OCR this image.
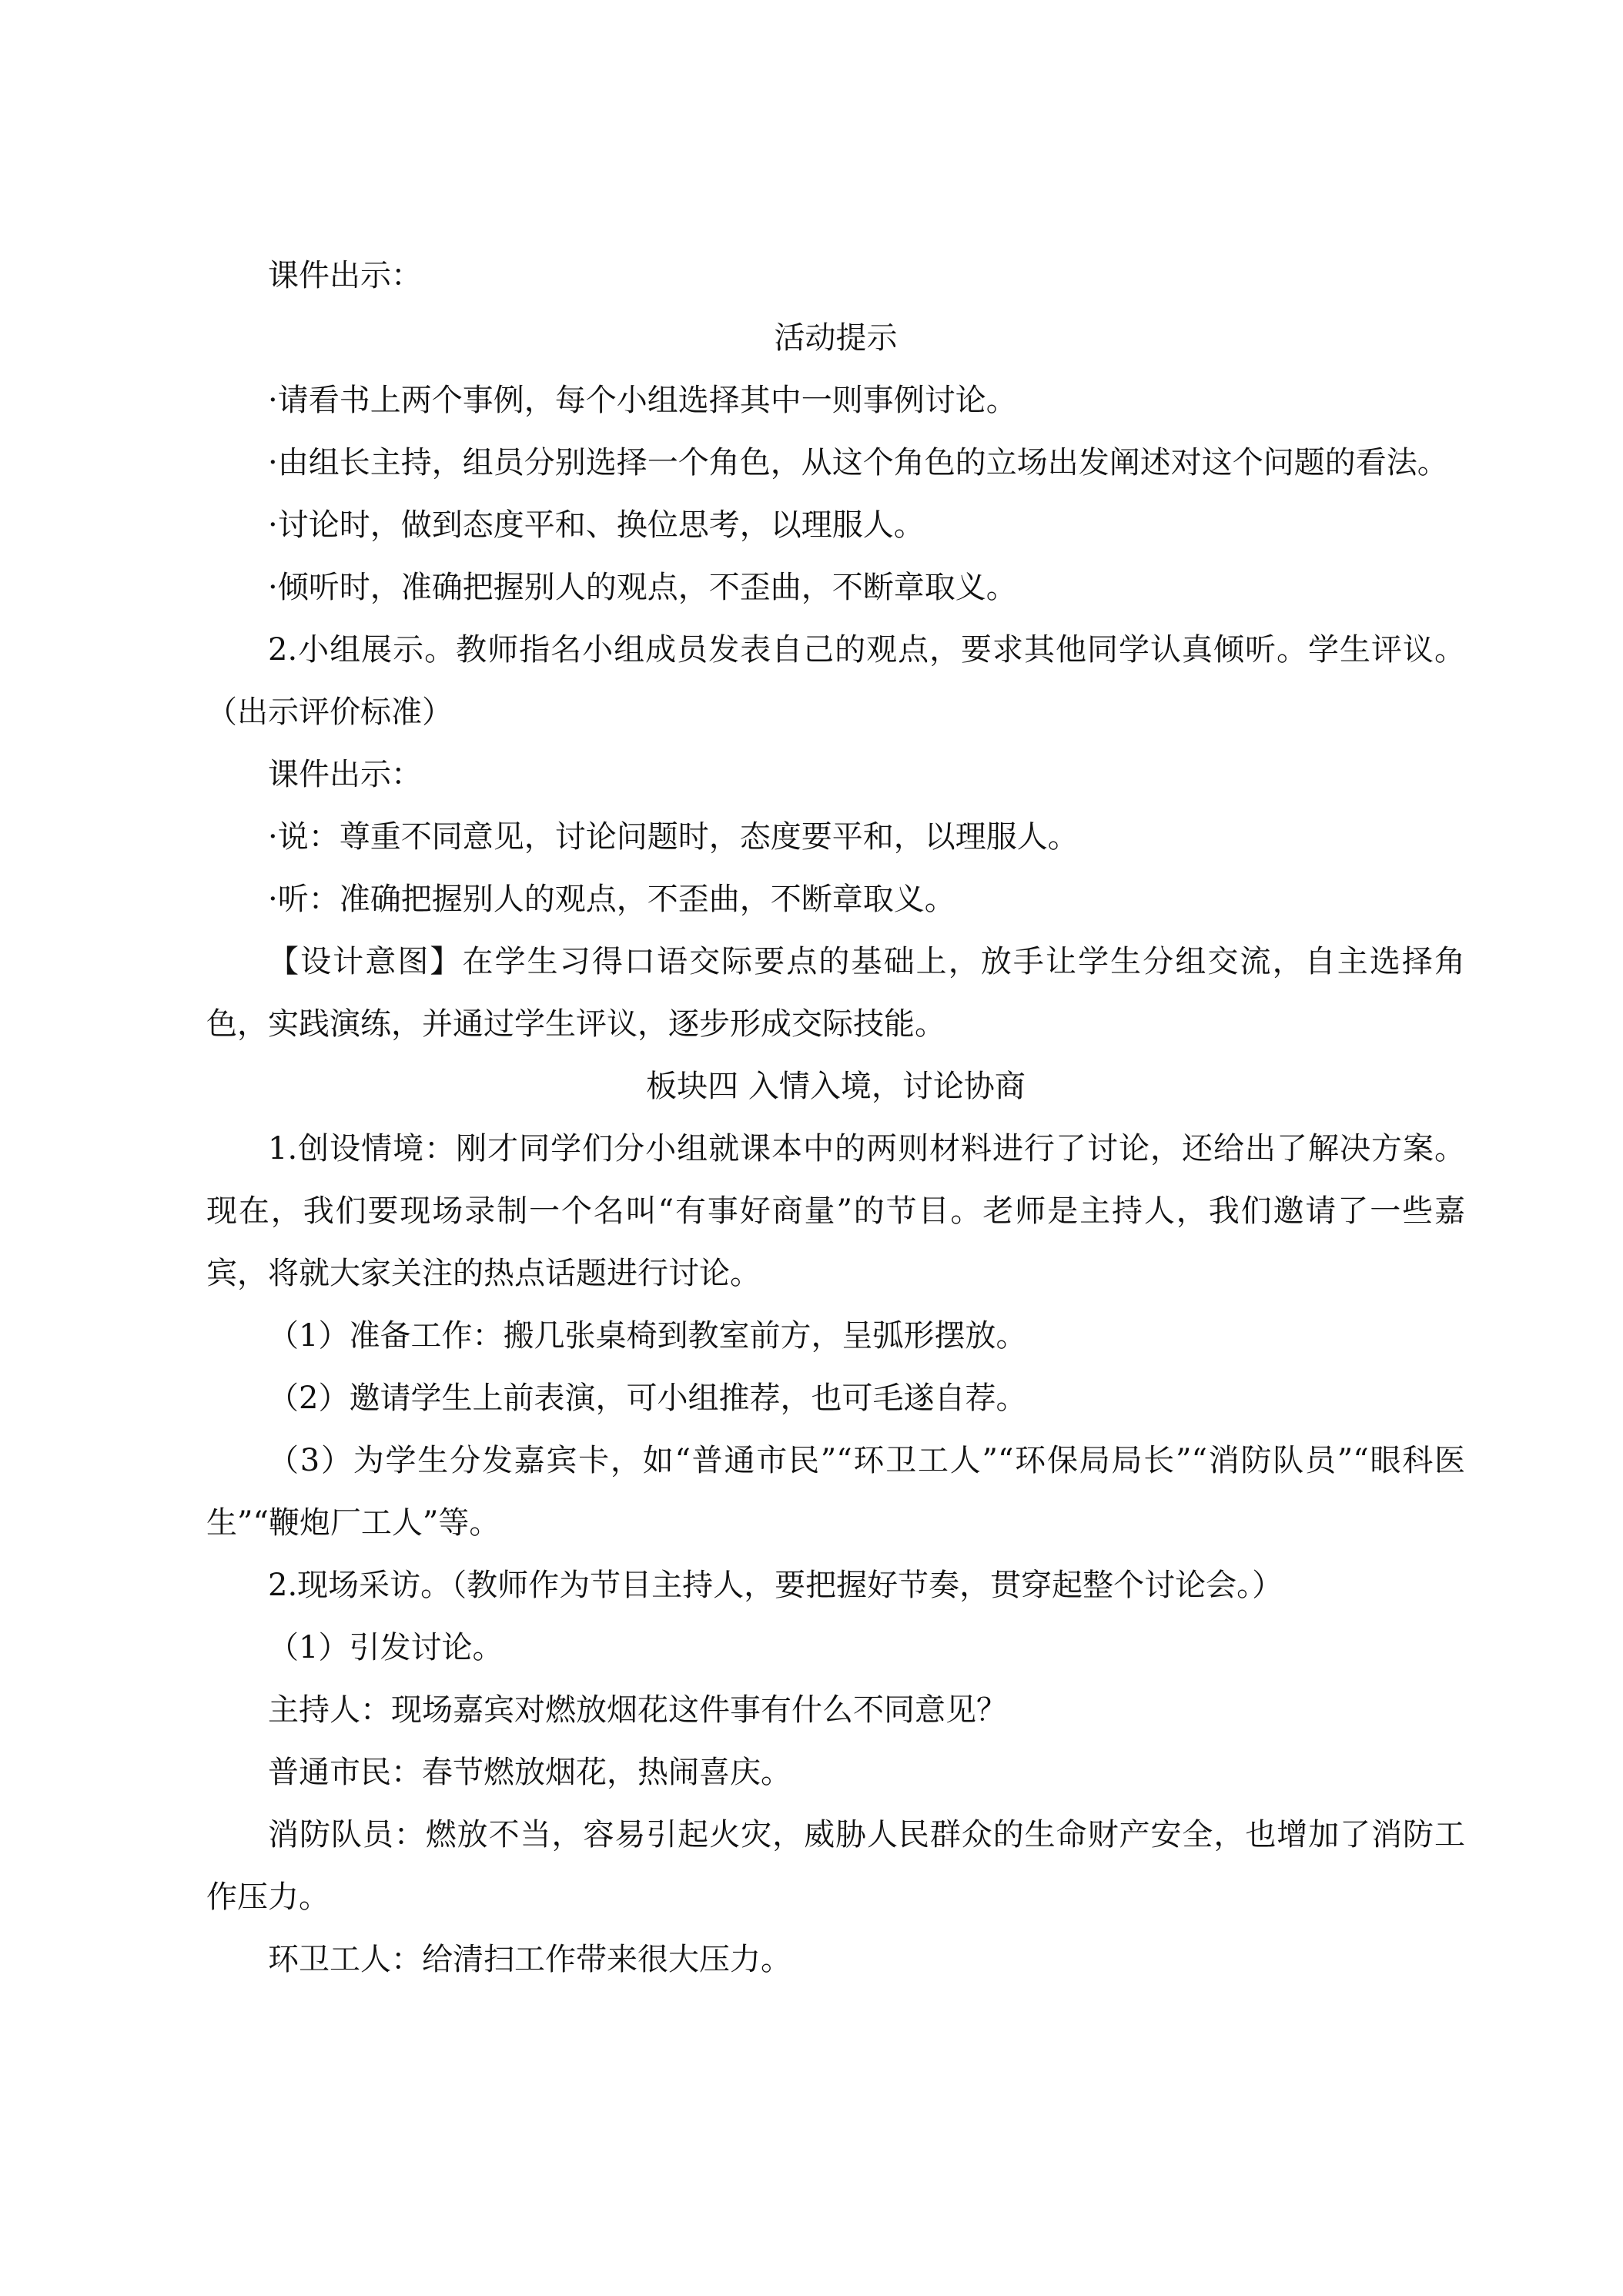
课件出示：

活动提示

·请看书上两个事例，每个小组选择其中一则事例讨论。

·由组长主持，组员分别选择一个角色，从这个角色的立场出发阐述对这个问题的看法。

·讨论时，做到态度平和、换位思考，以理服人。

·倾听时，准确把握别人的观点，不歪曲，不断章取义。

2.小组展示。教师指名小组成员发表自己的观点，要求其他同学认真倾听。学生评议。（出示评价标准）

课件出示：

·说：尊重不同意见，讨论问题时，态度要平和，以理服人。

·听：准确把握别人的观点，不歪曲，不断章取义。

【设计意图】在学生习得口语交际要点的基础上，放手让学生分组交流，自主选择角色，实践演练，并通过学生评议，逐步形成交际技能。

板块四 入情入境，讨论协商

1.创设情境：刚才同学们分小组就课本中的两则材料进行了讨论，还给出了解决方案。现在，我们要现场录制一个名叫“有事好商量”的节目。老师是主持人，我们邀请了一些嘉宾，将就大家关注的热点话题进行讨论。

（1）准备工作：搬几张桌椅到教室前方，呈弧形摆放。

（2）邀请学生上前表演，可小组推荐，也可毛遂自荐。

（3）为学生分发嘉宾卡，如“普通市民”“环卫工人”“环保局局长”“消防队员”“眼科医生”“鞭炮厂工人”等。

2.现场采访。（教师作为节目主持人，要把握好节奏，贯穿起整个讨论会。）

（1）引发讨论。

主持人：现场嘉宾对燃放烟花这件事有什么不同意见？

普通市民：春节燃放烟花，热闹喜庆。

消防队员：燃放不当，容易引起火灾，威胁人民群众的生命财产安全，也增加了消防工作压力。

环卫工人：给清扫工作带来很大压力。
